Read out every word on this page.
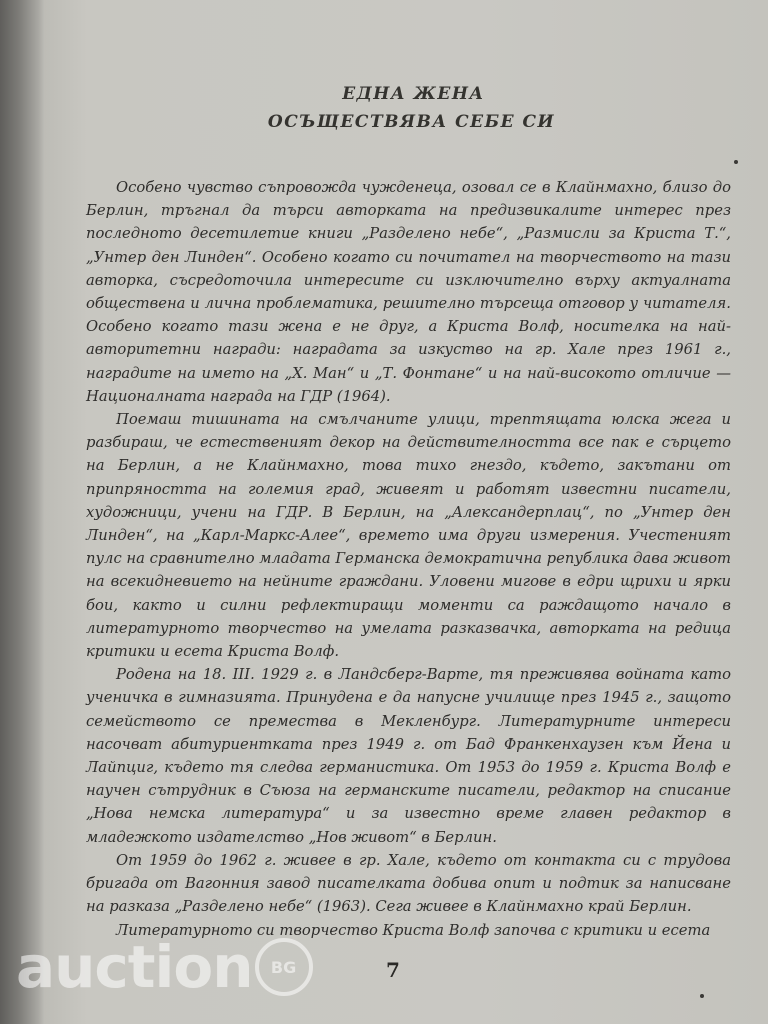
ЕДНА ЖЕНА
ОСЪЩЕСТВЯВА СЕБЕ СИ

Особено чувство съпровожда чужденеца, озовал се в Клайнмахно, близо до Берлин, тръгнал да търси авторката на предизвикалите интерес през последното десетилетие книги „Разделено небе“, „Размисли за Криста Т.“, „Унтер ден Линден“. Особено когато си почитател на творчеството на тази авторка, съсредоточила интересите си изключително върху актуалната обществена и лична проблематика, решително търсеща отговор у читателя. Особено когато тази жена е не друг, а Криста Волф, носителка на най-авторитетни награди: наградата за изкуство на гр. Хале през 1961 г., наградите на името на „Х. Ман“ и „Т. Фонтане“ и на най-високото отличие — Националната награда на ГДР (1964).

Поемаш тишината на смълчаните улици, трептящата юлска жега и разбираш, че естественият декор на действителността все пак е сърцето на Берлин, а не Клайнмахно, това тихо гнездо, където, закътани от припряността на големия град, живеят и работят известни писатели, художници, учени на ГДР. В Берлин, на „Александерплац“, по „Унтер ден Линден“, на „Карл-Маркс-Алее“, времето има други измерения. Учестеният пулс на сравнително младата Германска демократична република дава живот на всекидневието на нейните граждани. Уловени мигове в едри щрихи и ярки бои, както и силни рефлектиращи моменти са раждащото начало в литературното творчество на умелата разказвачка, авторката на редица критики и есета Криста Волф.

Родена на 18. III. 1929 г. в Ландсберг-Варте, тя преживява войната като ученичка в гимназията. Принудена е да напусне училище през 1945 г., защото семейството се премества в Мекленбург. Литературните интереси насочват абитуриентката през 1949 г. от Бад Франкенхаузен към Йена и Лайпциг, където тя следва германистика. От 1953 до 1959 г. Криста Волф е научен сътрудник в Съюза на германските писатели, редактор на списание „Нова немска литература“ и за известно време главен редактор в младежкото издателство „Нов живот“ в Берлин.

От 1959 до 1962 г. живее в гр. Хале, където от контакта си с трудова бригада от Вагонния завод писателката добива опит и подтик за написване на разказа „Разделено небе“ (1963). Сега живее в Клайнмахно край Берлин.

Литературното си творчество Криста Волф започва с критики и есета

7
auction	BG
